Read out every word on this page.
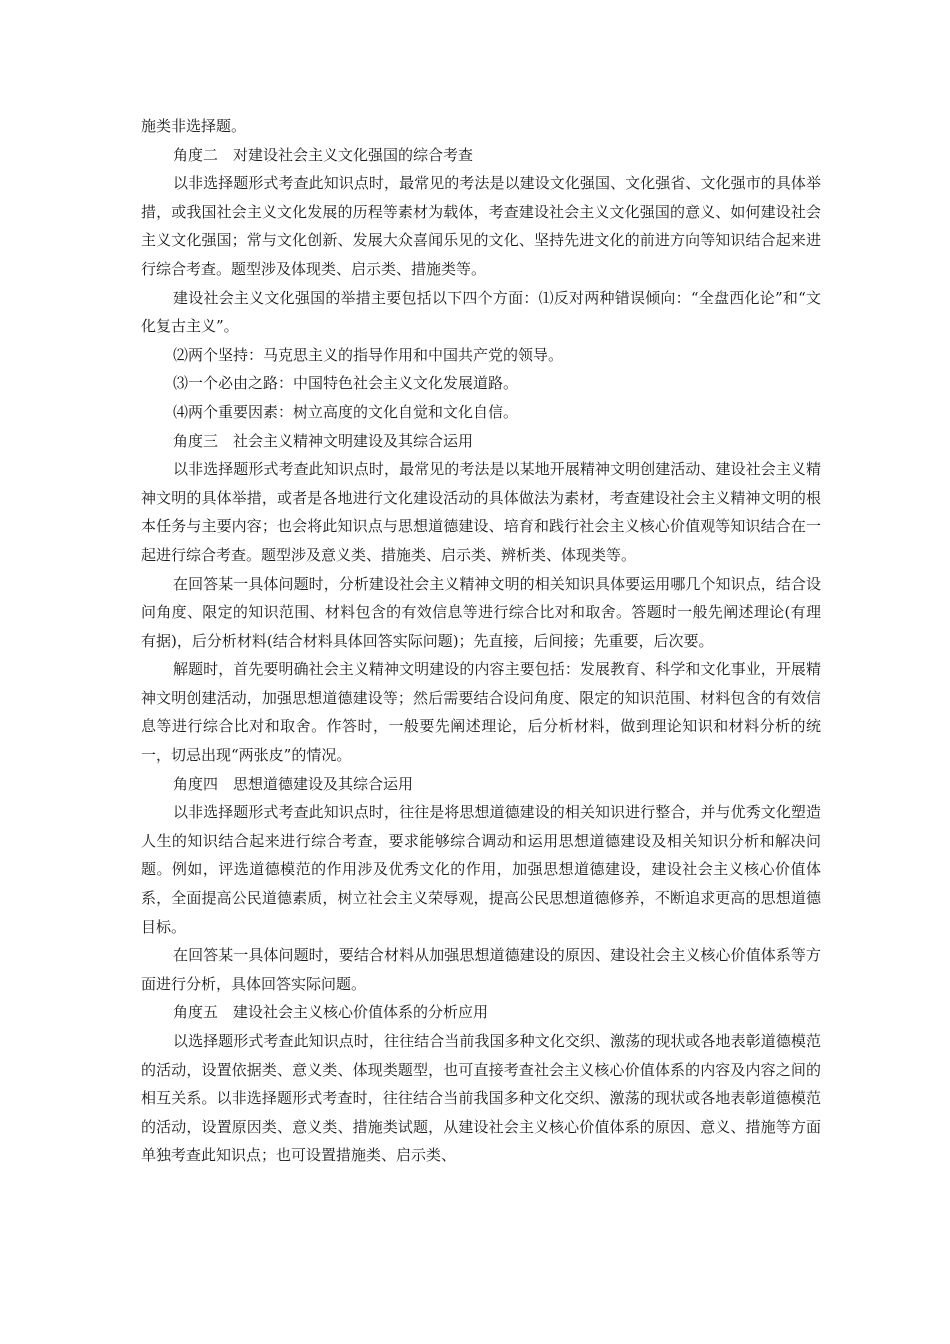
施类非选择题。

角度二　对建设社会主义文化强国的综合考查

以非选择题形式考查此知识点时，最常见的考法是以建设文化强国、文化强省、文化强市的具体举措，或我国社会主义文化发展的历程等素材为载体，考查建设社会主义文化强国的意义、如何建设社会主义文化强国；常与文化创新、发展大众喜闻乐见的文化、坚持先进文化的前进方向等知识结合起来进行综合考查。题型涉及体现类、启示类、措施类等。

建设社会主义文化强国的举措主要包括以下四个方面：⑴反对两种错误倾向：“全盘西化论”和“文化复古主义”。

⑵两个坚持：马克思主义的指导作用和中国共产党的领导。

⑶一个必由之路：中国特色社会主义文化发展道路。

⑷两个重要因素：树立高度的文化自觉和文化自信。

角度三　社会主义精神文明建设及其综合运用

以非选择题形式考查此知识点时，最常见的考法是以某地开展精神文明创建活动、建设社会主义精神文明的具体举措，或者是各地进行文化建设活动的具体做法为素材，考查建设社会主义精神文明的根本任务与主要内容；也会将此知识点与思想道德建设、培育和践行社会主义核心价值观等知识结合在一起进行综合考查。题型涉及意义类、措施类、启示类、辨析类、体现类等。

在回答某一具体问题时，分析建设社会主义精神文明的相关知识具体要运用哪几个知识点，结合设问角度、限定的知识范围、材料包含的有效信息等进行综合比对和取舍。答题时一般先阐述理论(有理有据)，后分析材料(结合材料具体回答实际问题)；先直接，后间接；先重要，后次要。

解题时，首先要明确社会主义精神文明建设的内容主要包括：发展教育、科学和文化事业，开展精神文明创建活动，加强思想道德建设等；然后需要结合设问角度、限定的知识范围、材料包含的有效信息等进行综合比对和取舍。作答时，一般要先阐述理论，后分析材料，做到理论知识和材料分析的统一，切忌出现“两张皮”的情况。

角度四　思想道德建设及其综合运用

以非选择题形式考查此知识点时，往往是将思想道德建设的相关知识进行整合，并与优秀文化塑造人生的知识结合起来进行综合考查，要求能够综合调动和运用思想道德建设及相关知识分析和解决问题。例如，评选道德模范的作用涉及优秀文化的作用，加强思想道德建设，建设社会主义核心价值体系，全面提高公民道德素质，树立社会主义荣辱观，提高公民思想道德修养，不断追求更高的思想道德目标。

在回答某一具体问题时，要结合材料从加强思想道德建设的原因、建设社会主义核心价值体系等方面进行分析，具体回答实际问题。

角度五　建设社会主义核心价值体系的分析应用

以选择题形式考查此知识点时，往往结合当前我国多种文化交织、激荡的现状或各地表彰道德模范的活动，设置依据类、意义类、体现类题型，也可直接考查社会主义核心价值体系的内容及内容之间的相互关系。以非选择题形式考查时，往往结合当前我国多种文化交织、激荡的现状或各地表彰道德模范的活动，设置原因类、意义类、措施类试题，从建设社会主义核心价值体系的原因、意义、措施等方面单独考查此知识点；也可设置措施类、启示类、
